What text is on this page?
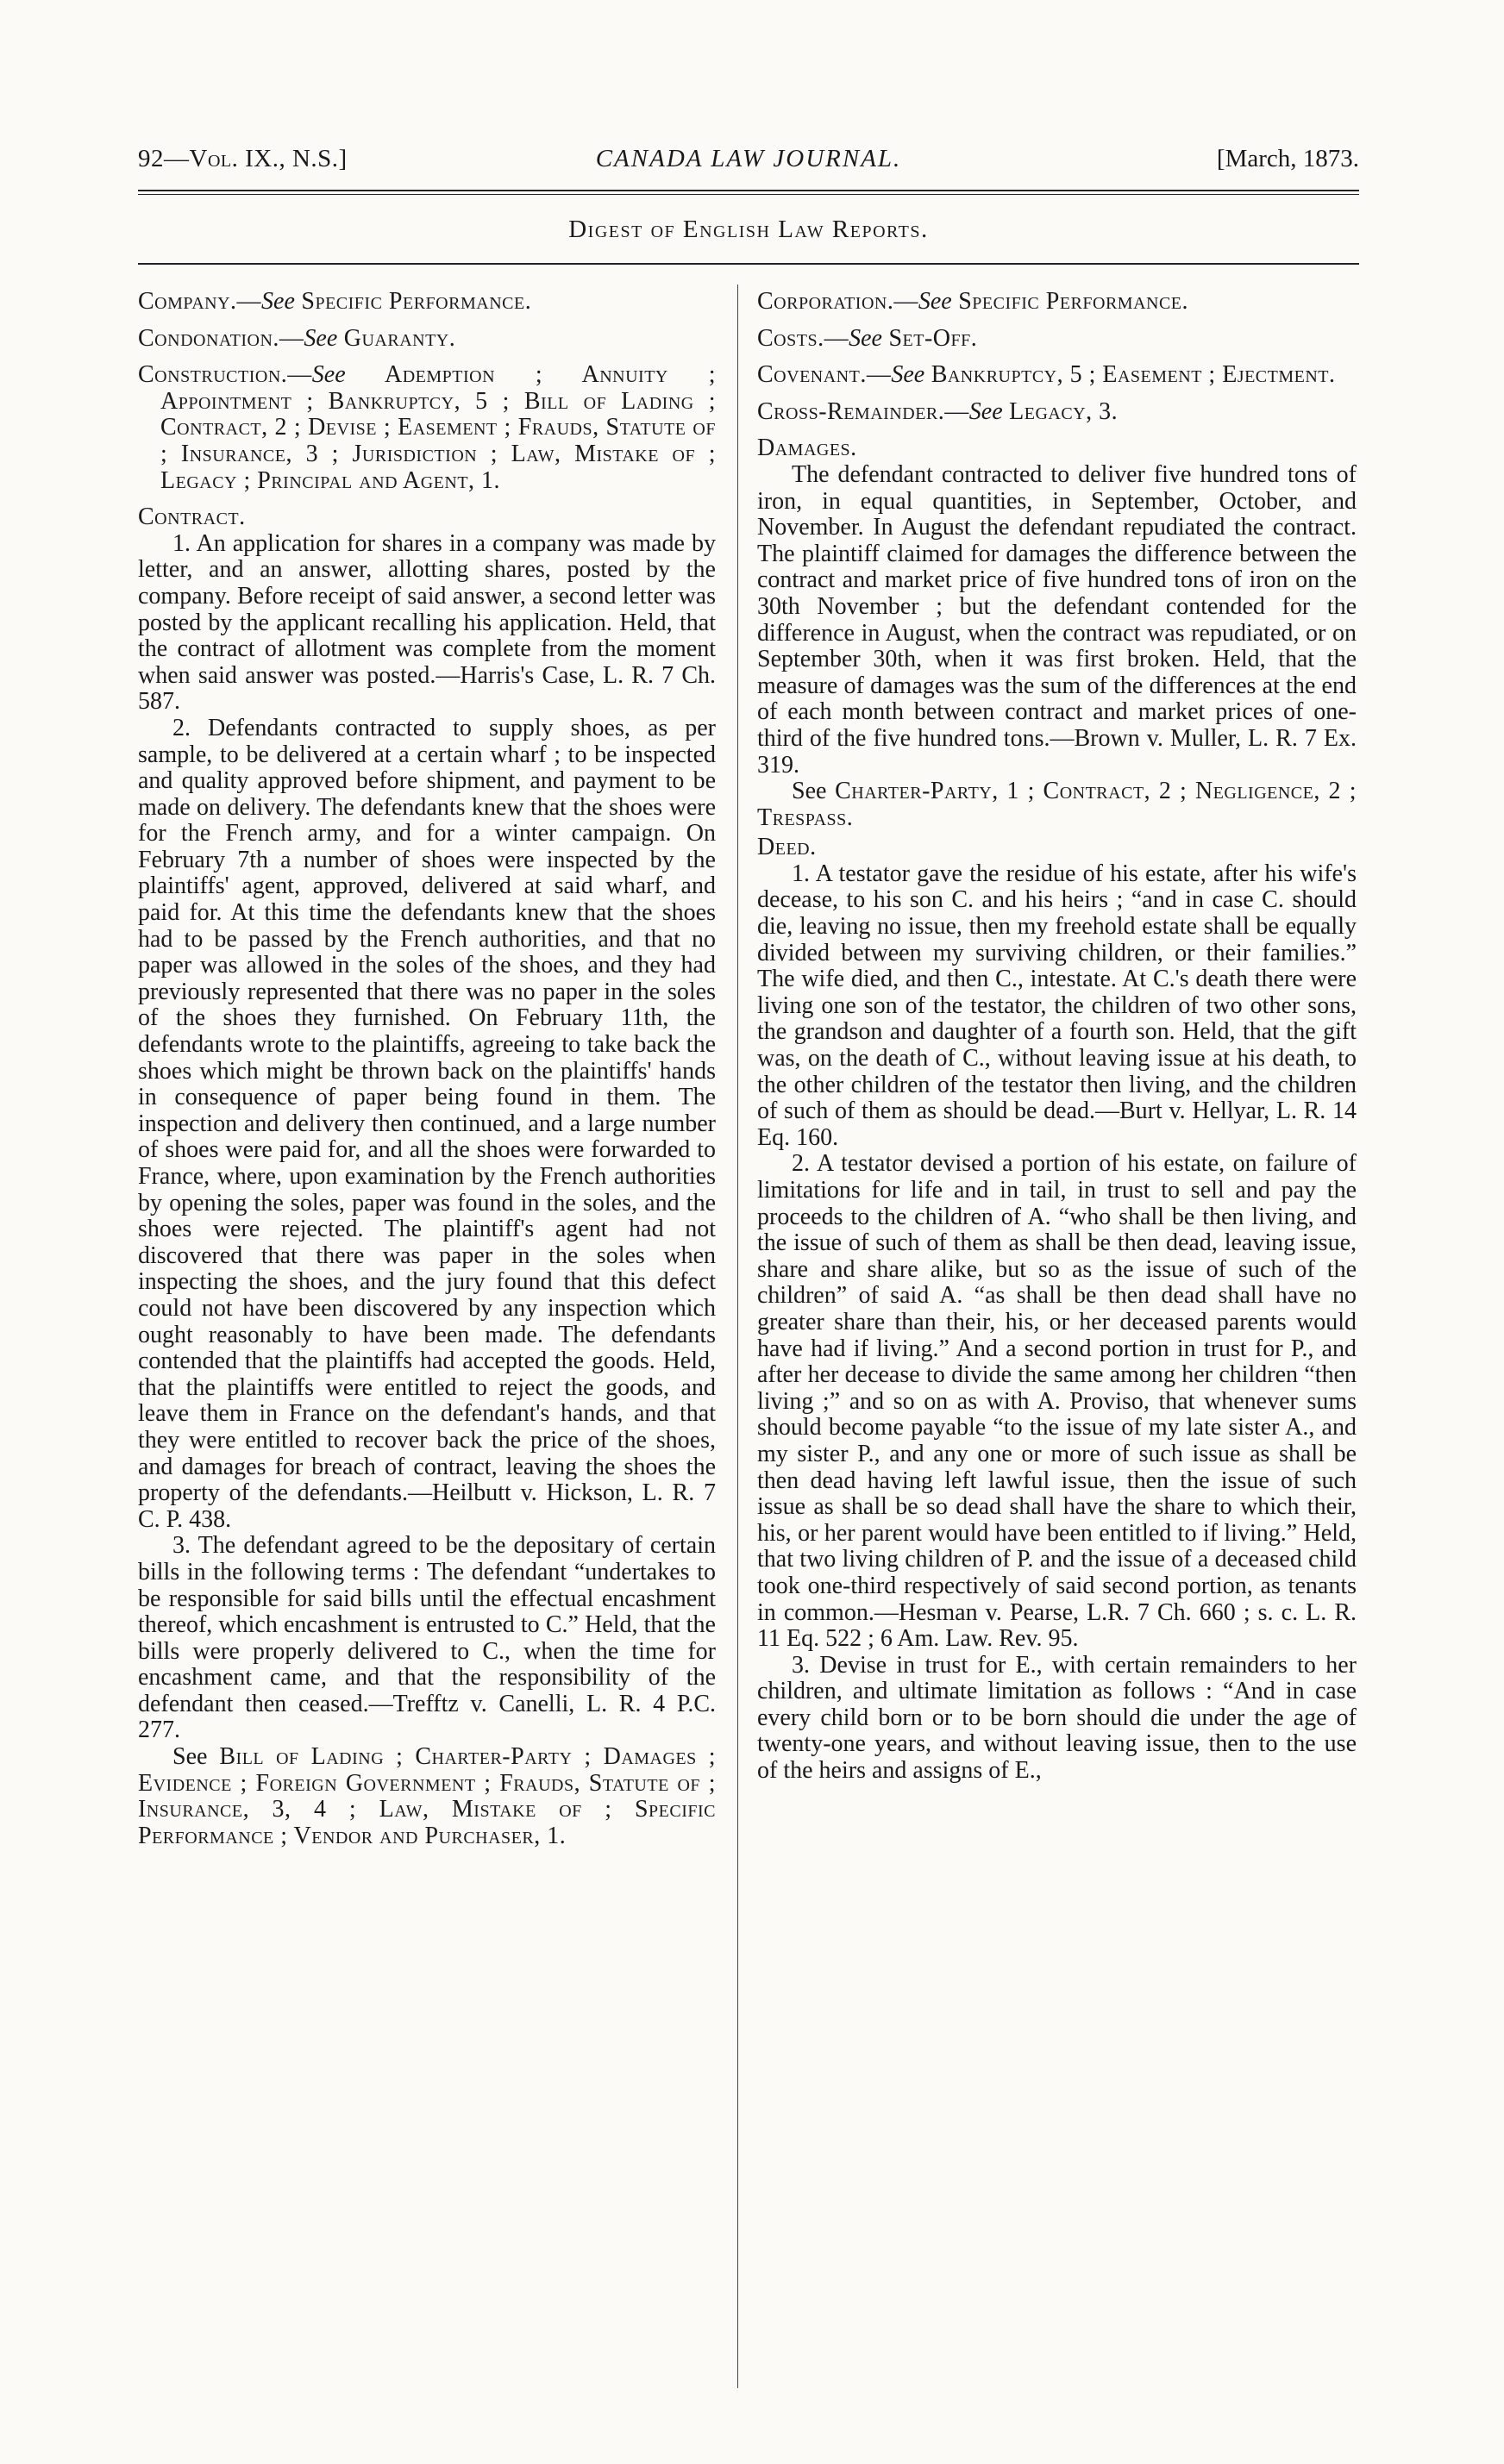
92—Vol. IX., N.S.]	CANADA LAW JOURNAL.	[March, 1873.
Digest of English Law Reports.

Company.—See Specific Performance.

Condonation.—See Guaranty.

Construction.—See Ademption ; Annuity ; Appointment ; Bankruptcy, 5 ; Bill of Lading ; Contract, 2 ; Devise ; Easement ; Frauds, Statute of ; Insurance, 3 ; Jurisdiction ; Law, Mistake of ; Legacy ; Principal and Agent, 1.

Contract.

1. An application for shares in a company was made by letter, and an answer, allotting shares, posted by the company. Before receipt of said answer, a second letter was posted by the applicant recalling his application. Held, that the contract of allotment was complete from the moment when said answer was posted.—Harris's Case, L. R. 7 Ch. 587.

2. Defendants contracted to supply shoes, as per sample, to be delivered at a certain wharf ; to be inspected and quality approved before shipment, and payment to be made on delivery. The defendants knew that the shoes were for the French army, and for a winter campaign. On February 7th a number of shoes were inspected by the plaintiffs' agent, approved, delivered at said wharf, and paid for. At this time the defendants knew that the shoes had to be passed by the French authorities, and that no paper was allowed in the soles of the shoes, and they had previously represented that there was no paper in the soles of the shoes they furnished. On February 11th, the defendants wrote to the plaintiffs, agreeing to take back the shoes which might be thrown back on the plaintiffs' hands in consequence of paper being found in them. The inspection and delivery then continued, and a large number of shoes were paid for, and all the shoes were forwarded to France, where, upon examination by the French authorities by opening the soles, paper was found in the soles, and the shoes were rejected. The plaintiff's agent had not discovered that there was paper in the soles when inspecting the shoes, and the jury found that this defect could not have been discovered by any inspection which ought reasonably to have been made. The defendants contended that the plaintiffs had accepted the goods. Held, that the plaintiffs were entitled to reject the goods, and leave them in France on the defendant's hands, and that they were entitled to recover back the price of the shoes, and damages for breach of contract, leaving the shoes the property of the defendants.—Heilbutt v. Hickson, L. R. 7 C. P. 438.

3. The defendant agreed to be the depositary of certain bills in the following terms : The defendant “undertakes to be responsible for said bills until the effectual encashment thereof, which encashment is entrusted to C.” Held, that the bills were properly delivered to C., when the time for encashment came, and that the responsibility of the defendant then ceased.—Trefftz v. Canelli, L. R. 4 P.C. 277.

See Bill of Lading ; Charter-Party ; Damages ; Evidence ; Foreign Government ; Frauds, Statute of ; Insurance, 3, 4 ; Law, Mistake of ; Specific Performance ; Vendor and Purchaser, 1.

Corporation.—See Specific Performance.

Costs.—See Set-Off.

Covenant.—See Bankruptcy, 5 ; Easement ; Ejectment.

Cross-Remainder.—See Legacy, 3.

Damages.

The defendant contracted to deliver five hundred tons of iron, in equal quantities, in September, October, and November. In August the defendant repudiated the contract. The plaintiff claimed for damages the difference between the contract and market price of five hundred tons of iron on the 30th November ; but the defendant contended for the difference in August, when the contract was repudiated, or on September 30th, when it was first broken. Held, that the measure of damages was the sum of the differences at the end of each month between contract and market prices of one-third of the five hundred tons.—Brown v. Muller, L. R. 7 Ex. 319.

See Charter-Party, 1 ; Contract, 2 ; Negligence, 2 ; Trespass.

Deed.

1. A testator gave the residue of his estate, after his wife's decease, to his son C. and his heirs ; “and in case C. should die, leaving no issue, then my freehold estate shall be equally divided between my surviving children, or their families.” The wife died, and then C., intestate. At C.'s death there were living one son of the testator, the children of two other sons, the grandson and daughter of a fourth son. Held, that the gift was, on the death of C., without leaving issue at his death, to the other children of the testator then living, and the children of such of them as should be dead.—Burt v. Hellyar, L. R. 14 Eq. 160.

2. A testator devised a portion of his estate, on failure of limitations for life and in tail, in trust to sell and pay the proceeds to the children of A. “who shall be then living, and the issue of such of them as shall be then dead, leaving issue, share and share alike, but so as the issue of such of the children” of said A. “as shall be then dead shall have no greater share than their, his, or her deceased parents would have had if living.” And a second portion in trust for P., and after her decease to divide the same among her children “then living ;” and so on as with A. Proviso, that whenever sums should become payable “to the issue of my late sister A., and my sister P., and any one or more of such issue as shall be then dead having left lawful issue, then the issue of such issue as shall be so dead shall have the share to which their, his, or her parent would have been entitled to if living.” Held, that two living children of P. and the issue of a deceased child took one-third respectively of said second portion, as tenants in common.—Hesman v. Pearse, L.R. 7 Ch. 660 ; s. c. L. R. 11 Eq. 522 ; 6 Am. Law. Rev. 95.

3. Devise in trust for E., with certain remainders to her children, and ultimate limitation as follows : “And in case every child born or to be born should die under the age of twenty-one years, and without leaving issue, then to the use of the heirs and assigns of E.,
